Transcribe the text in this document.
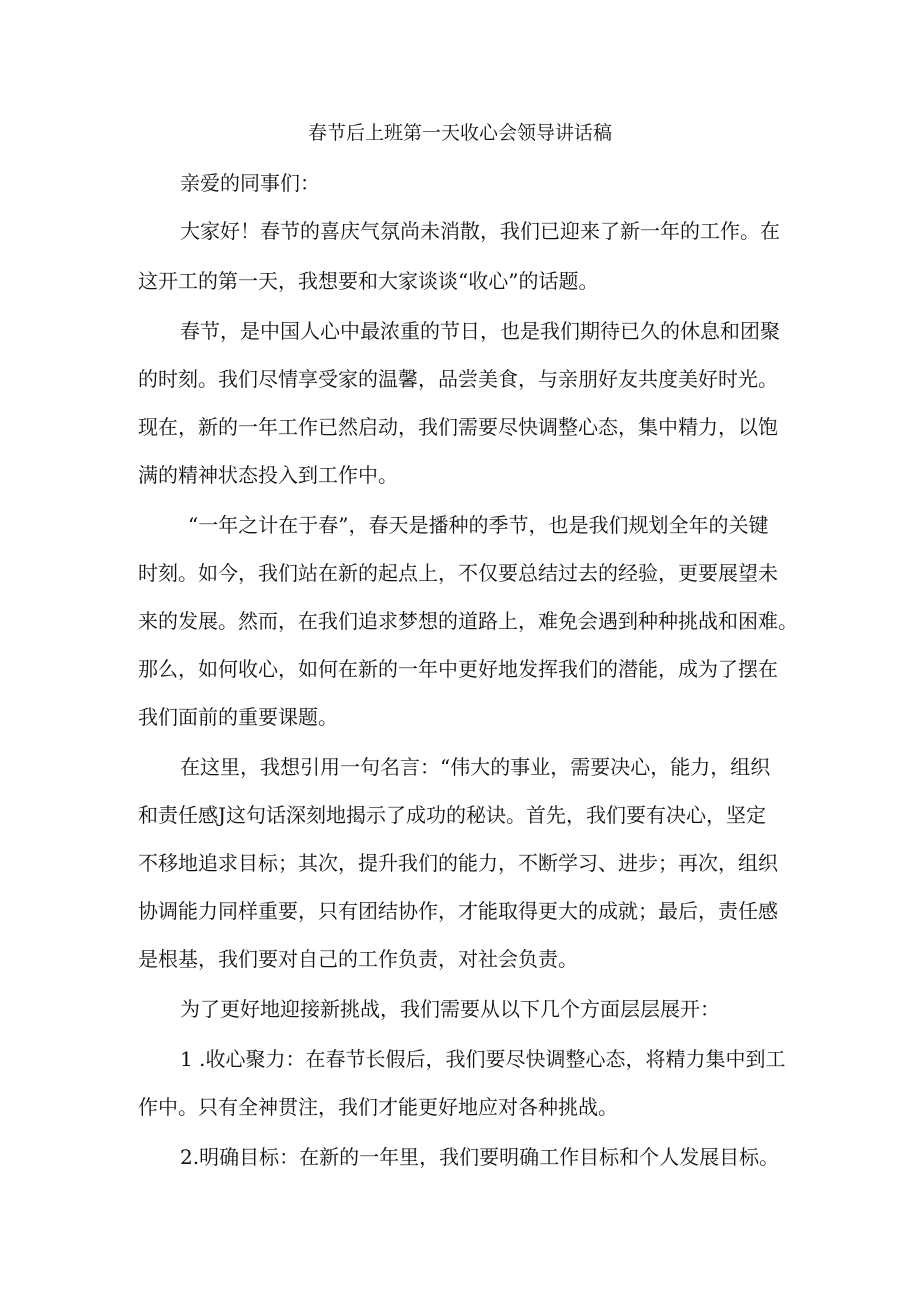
春节后上班第一天收心会领导讲话稿
亲爱的同事们：
大家好！春节的喜庆气氛尚未消散，我们已迎来了新一年的工作。在
这开工的第一天，我想要和大家谈谈“收心”的话题。
春节，是中国人心中最浓重的节日，也是我们期待已久的休息和团聚
的时刻。我们尽情享受家的温馨，品尝美食，与亲朋好友共度美好时光。
现在，新的一年工作已然启动，我们需要尽快调整心态，集中精力，以饱
满的精神状态投入到工作中。
“一年之计在于春”，春天是播种的季节，也是我们规划全年的关键
时刻。如今，我们站在新的起点上，不仅要总结过去的经验，更要展望未
来的发展。然而，在我们追求梦想的道路上，难免会遇到种种挑战和困难。
那么，如何收心，如何在新的一年中更好地发挥我们的潜能，成为了摆在
我们面前的重要课题。
在这里，我想引用一句名言：“伟大的事业，需要决心，能力，组织
和责任感J这句话深刻地揭示了成功的秘诀。首先，我们要有决心，坚定
不移地追求目标；其次，提升我们的能力，不断学习、进步；再次，组织
协调能力同样重要，只有团结协作，才能取得更大的成就；最后，责任感
是根基，我们要对自己的工作负责，对社会负责。
为了更好地迎接新挑战，我们需要从以下几个方面层层展开：
1 .收心聚力：在春节长假后，我们要尽快调整心态，将精力集中到工
作中。只有全神贯注，我们才能更好地应对各种挑战。
2.明确目标：在新的一年里，我们要明确工作目标和个人发展目标。
